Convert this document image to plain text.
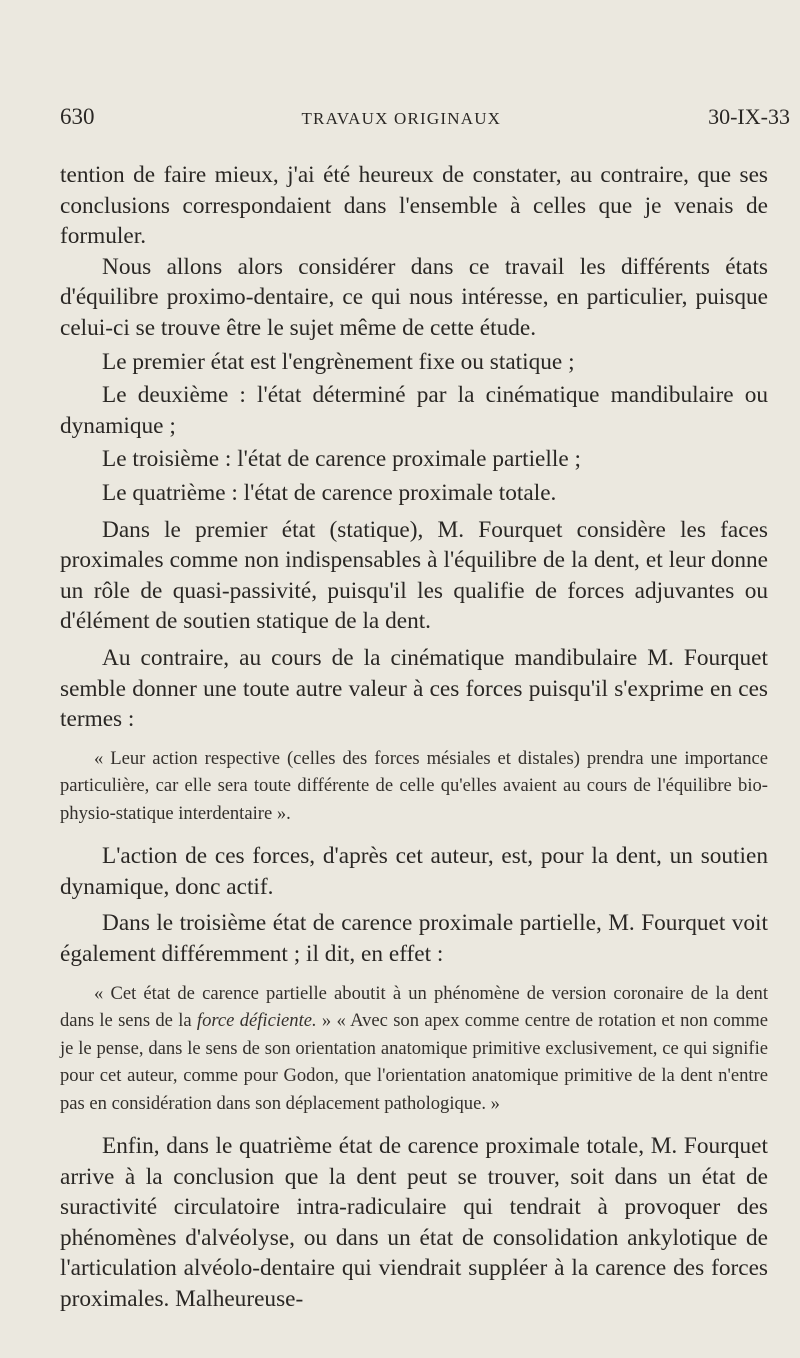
630	TRAVAUX ORIGINAUX	30-IX-33

tention de faire mieux, j'ai été heureux de constater, au contraire, que ses conclusions correspondaient dans l'ensemble à celles que je venais de formuler.

Nous allons alors considérer dans ce travail les différents états d'équilibre proximo-dentaire, ce qui nous intéresse, en particulier, puisque celui-ci se trouve être le sujet même de cette étude.

Le premier état est l'engrènement fixe ou statique ;

Le deuxième : l'état déterminé par la cinématique mandibulaire ou dynamique ;

Le troisième : l'état de carence proximale partielle ;

Le quatrième : l'état de carence proximale totale.

Dans le premier état (statique), M. Fourquet considère les faces proximales comme non indispensables à l'équilibre de la dent, et leur donne un rôle de quasi-passivité, puisqu'il les qualifie de forces adjuvantes ou d'élément de soutien statique de la dent.

Au contraire, au cours de la cinématique mandibulaire M. Fourquet semble donner une toute autre valeur à ces forces puisqu'il s'exprime en ces termes :

« Leur action respective (celles des forces mésiales et distales) prendra une importance particulière, car elle sera toute différente de celle qu'elles avaient au cours de l'équilibre bio-physio-statique interdentaire ».

L'action de ces forces, d'après cet auteur, est, pour la dent, un soutien dynamique, donc actif.

Dans le troisième état de carence proximale partielle, M. Fourquet voit également différemment ; il dit, en effet :

« Cet état de carence partielle aboutit à un phénomène de version coronaire de la dent dans le sens de la force déficiente. » « Avec son apex comme centre de rotation et non comme je le pense, dans le sens de son orientation anatomique primitive exclusivement, ce qui signifie pour cet auteur, comme pour Godon, que l'orientation anatomique primitive de la dent n'entre pas en considération dans son déplacement pathologique. »

Enfin, dans le quatrième état de carence proximale totale, M. Fourquet arrive à la conclusion que la dent peut se trouver, soit dans un état de suractivité circulatoire intra-radiculaire qui tendrait à provoquer des phénomènes d'alvéolyse, ou dans un état de consolidation ankylotique de l'articulation alvéolo-dentaire qui viendrait suppléer à la carence des forces proximales. Malheureuse-
